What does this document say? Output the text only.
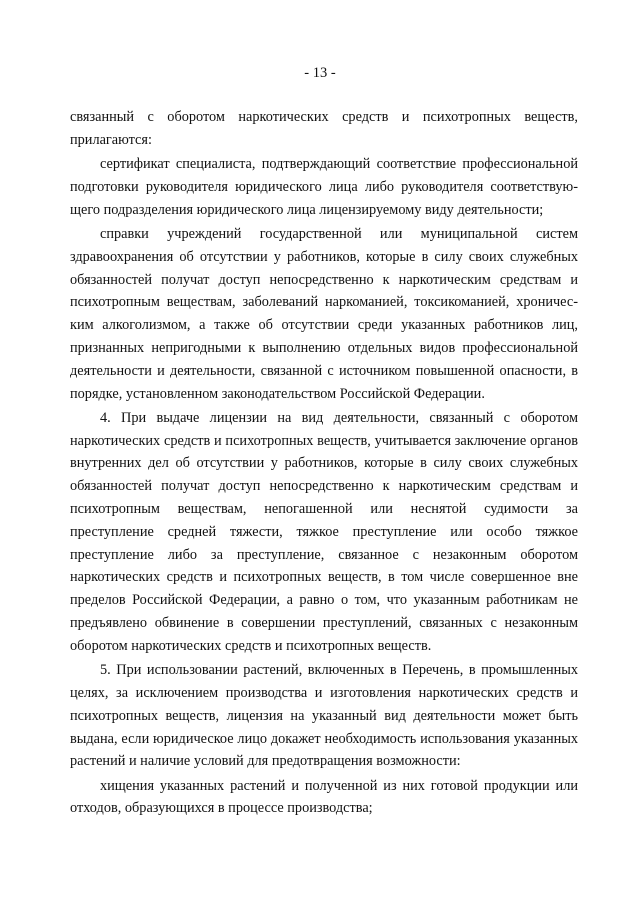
- 13 -

связанный с оборотом наркотических средств и психотропных веществ, прилагаются:

сертификат специалиста, подтверждающий соответствие профессиональной подготовки руководителя юридического лица либо руководителя соответствую-щего подразделения юридического лица лицензируемому виду деятельности;

справки учреждений государственной или муниципальной систем здравоохранения об отсутствии у работников, которые в силу своих служебных обязанностей получат доступ непосредственно к наркотическим средствам и психотропным веществам, заболеваний наркоманией, токсикоманией, хроничес-ким алкоголизмом, а также об отсутствии среди указанных работников лиц, признанных непригодными к выполнению отдельных видов профессиональной деятельности и деятельности, связанной с источником повышенной опасности, в порядке, установленном законодательством Российской Федерации.

4. При выдаче лицензии на вид деятельности, связанный с оборотом наркотических средств и психотропных веществ, учитывается заключение органов внутренних дел об отсутствии у работников, которые в силу своих служебных обязанностей получат доступ непосредственно к наркотическим средствам и психотропным веществам, непогашенной или неснятой судимости за преступление средней тяжести, тяжкое преступление или особо тяжкое преступление либо за преступление, связанное с незаконным оборотом наркотических средств и психотропных веществ, в том числе совершенное вне пределов Российской Федерации, а равно о том, что указанным работникам не предъявлено обвинение в совершении преступлений, связанных с незаконным оборотом наркотических средств и психотропных веществ.

5. При использовании растений, включенных в Перечень, в промышленных целях, за исключением производства и изготовления наркотических средств и психотропных веществ, лицензия на указанный вид деятельности может быть выдана, если юридическое лицо докажет необходимость использования указанных растений и наличие условий для предотвращения возможности:

хищения указанных растений и полученной из них готовой продукции или отходов, образующихся в процессе производства;
